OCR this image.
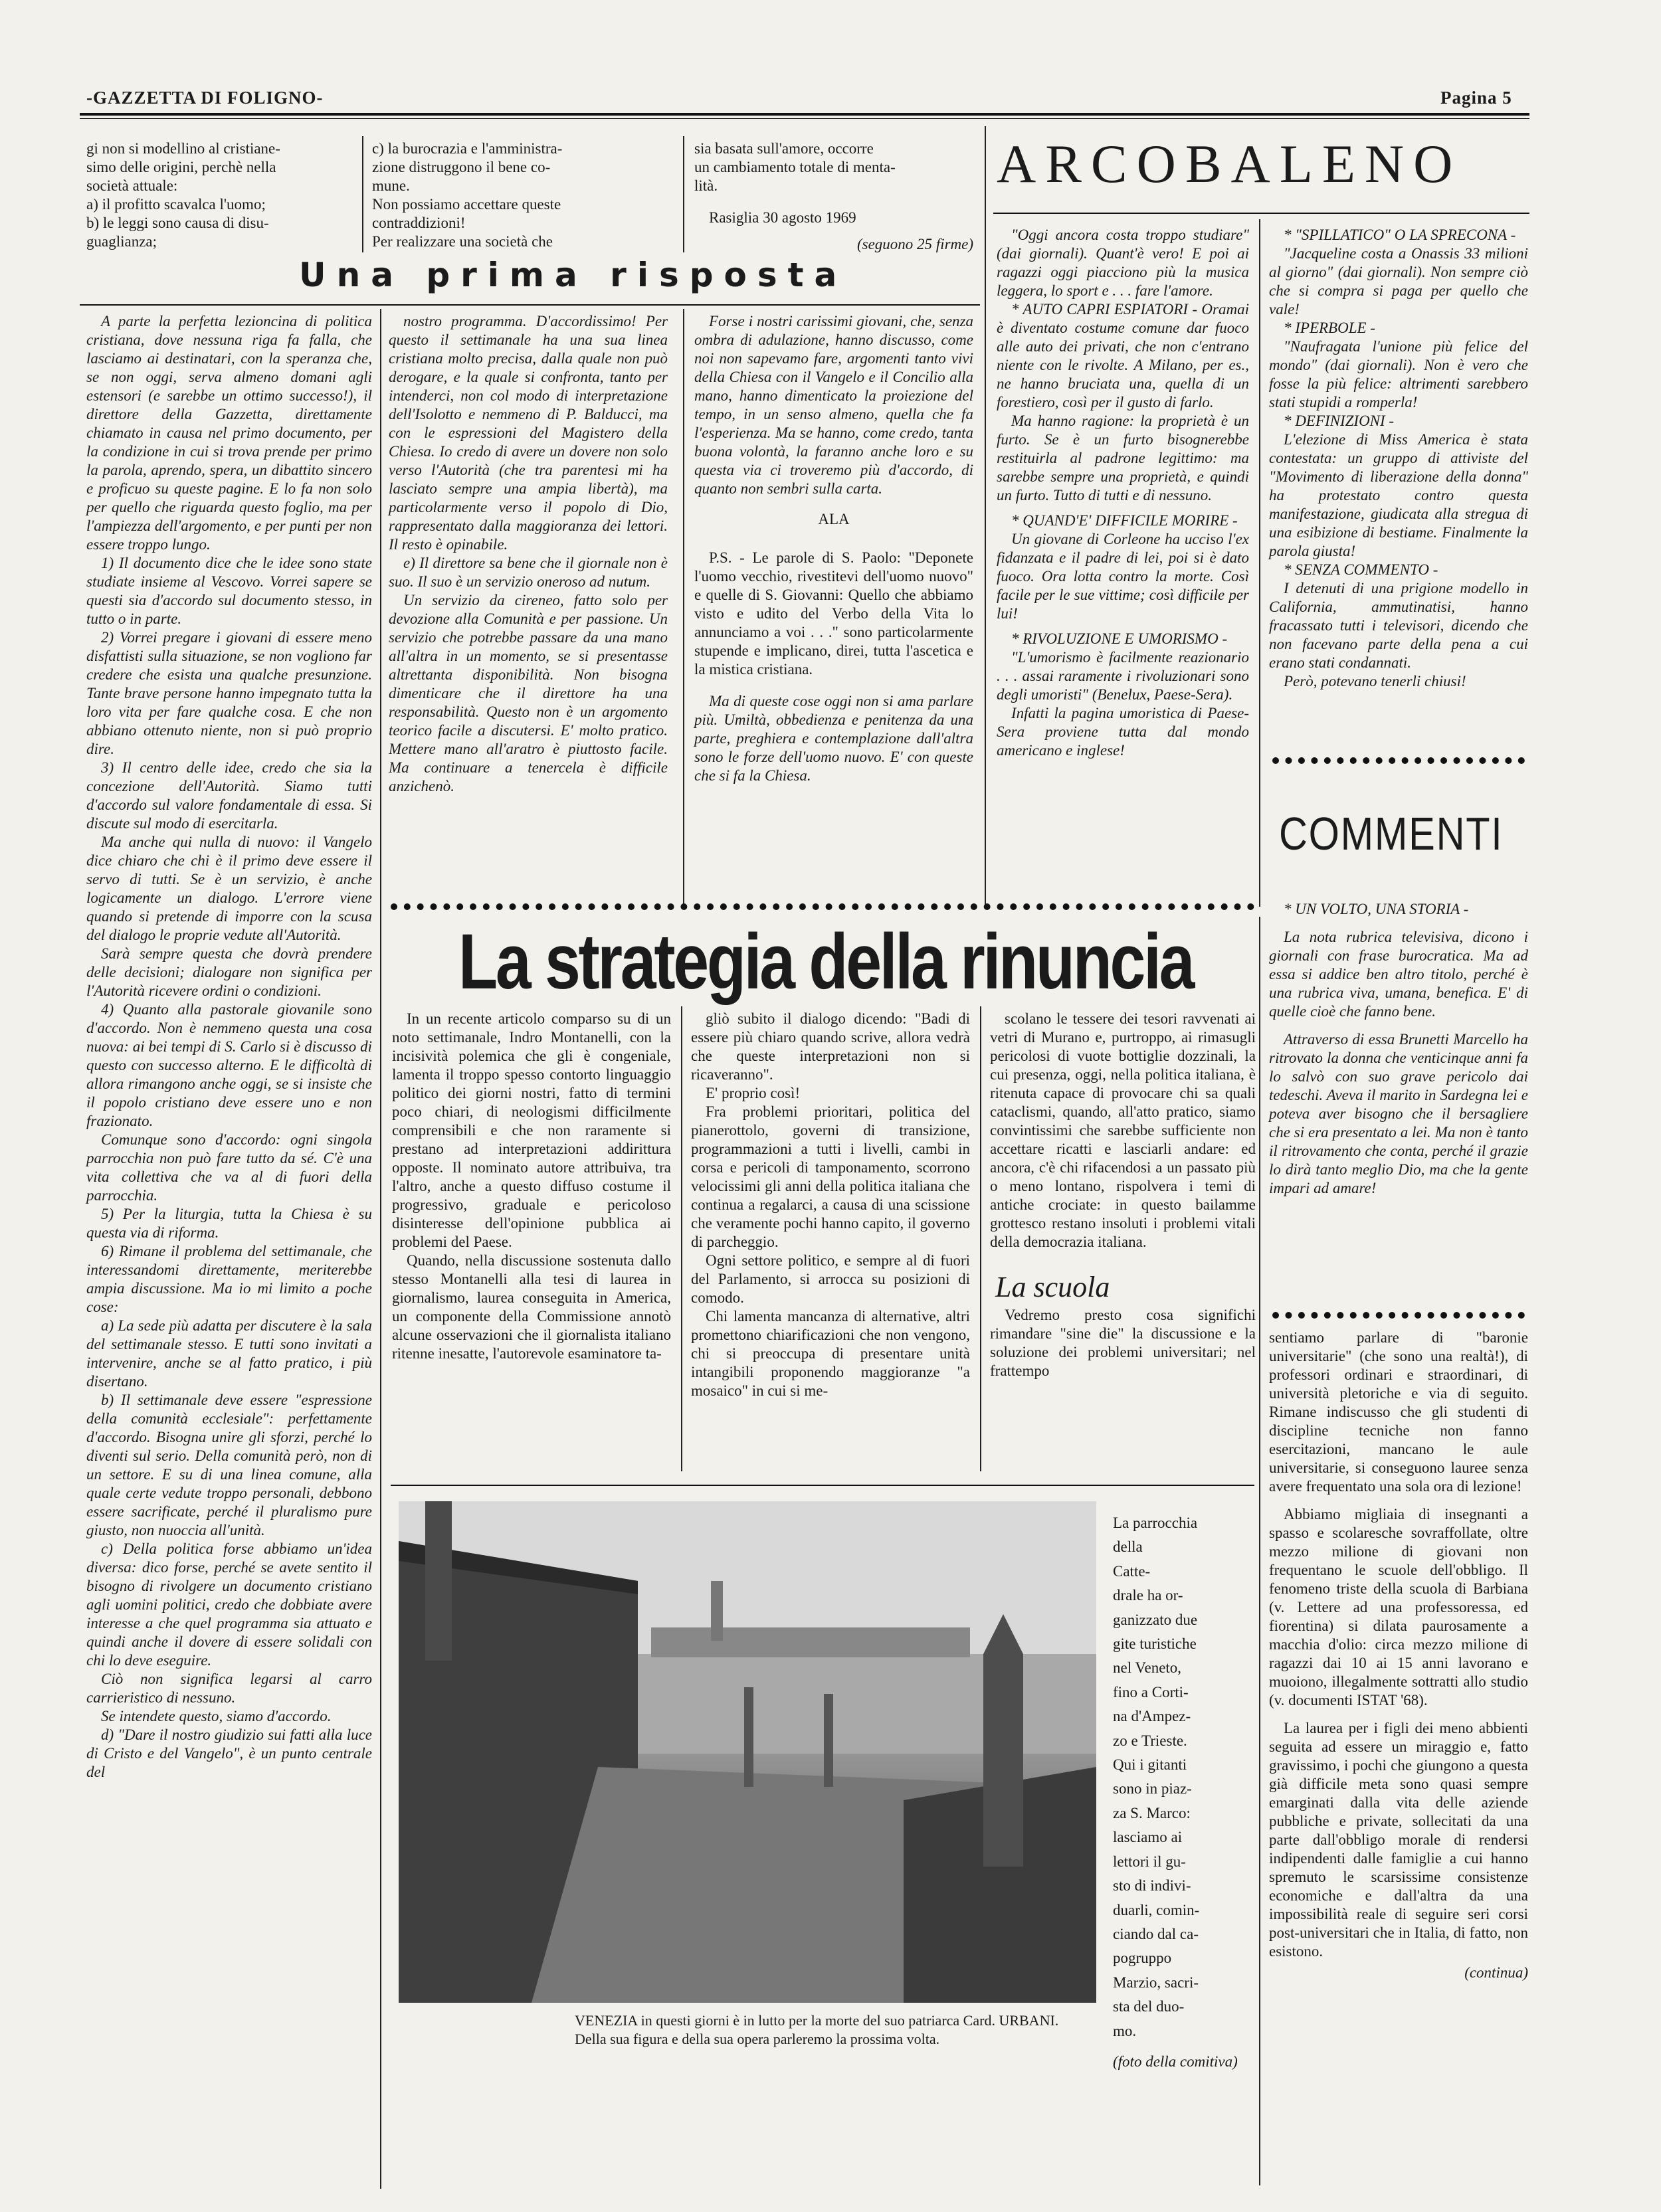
-GAZZETTA DI FOLIGNO-	Pagina 5
gi non si modellino al cristiane-
simo delle origini, perchè nella
società attuale:
a) il profitto scavalca l'uomo;
b) le leggi sono causa di disu-
guaglianza;
c) la burocrazia e l'amministra-
zione distruggono il bene co-
mune.
Non possiamo accettare queste
contraddizioni!
Per realizzare una società che
sia basata sull'amore, occorre
un cambiamento totale di menta-
lità.
Rasiglia 30 agosto 1969
(seguono 25 firme)
Una prima risposta

A parte la perfetta lezioncina di politica cristiana, dove nessuna riga fa falla, che lasciamo ai destinatari, con la speranza che, se non oggi, serva almeno domani agli estensori (e sarebbe un ottimo successo!), il direttore della Gazzetta, direttamente chiamato in causa nel primo documento, per la condizione in cui si trova prende per primo la parola, aprendo, spera, un dibattito sincero e proficuo su queste pagine. E lo fa non solo per quello che riguarda questo foglio, ma per l'ampiezza dell'argomento, e per punti per non essere troppo lungo.

1) Il documento dice che le idee sono state studiate insieme al Vescovo. Vorrei sapere se questi sia d'accordo sul documento stesso, in tutto o in parte.

2) Vorrei pregare i giovani di essere meno disfattisti sulla situazione, se non vogliono far credere che esista una qualche presunzione. Tante brave persone hanno impegnato tutta la loro vita per fare qualche cosa. E che non abbiano ottenuto niente, non si può proprio dire.

3) Il centro delle idee, credo che sia la concezione dell'Autorità. Siamo tutti d'accordo sul valore fondamentale di essa. Si discute sul modo di esercitarla.

Ma anche qui nulla di nuovo: il Vangelo dice chiaro che chi è il primo deve essere il servo di tutti. Se è un servizio, è anche logicamente un dialogo. L'errore viene quando si pretende di imporre con la scusa del dialogo le proprie vedute all'Autorità.

Sarà sempre questa che dovrà prendere delle decisioni; dialogare non significa per l'Autorità ricevere ordini o condizioni.

4) Quanto alla pastorale giovanile sono d'accordo. Non è nemmeno questa una cosa nuova: ai bei tempi di S. Carlo si è discusso di questo con successo alterno. E le difficoltà di allora rimangono anche oggi, se si insiste che il popolo cristiano deve essere uno e non frazionato.

Comunque sono d'accordo: ogni singola parrocchia non può fare tutto da sé. C'è una vita collettiva che va al di fuori della parrocchia.

5) Per la liturgia, tutta la Chiesa è su questa via di riforma.

6) Rimane il problema del settimanale, che interessandomi direttamente, meriterebbe ampia discussione. Ma io mi limito a poche cose:

a) La sede più adatta per discutere è la sala del settimanale stesso. E tutti sono invitati a intervenire, anche se al fatto pratico, i più disertano.

b) Il settimanale deve essere "espressione della comunità ecclesiale": perfettamente d'accordo. Bisogna unire gli sforzi, perché lo diventi sul serio. Della comunità però, non di un settore. E su di una linea comune, alla quale certe vedute troppo personali, debbono essere sacrificate, perché il pluralismo pure giusto, non nuoccia all'unità.

c) Della politica forse abbiamo un'idea diversa: dico forse, perché se avete sentito il bisogno di rivolgere un documento cristiano agli uomini politici, credo che dobbiate avere interesse a che quel programma sia attuato e quindi anche il dovere di essere solidali con chi lo deve eseguire.

Ciò non significa legarsi al carro carrieristico di nessuno.

Se intendete questo, siamo d'accordo.

d) "Dare il nostro giudizio sui fatti alla luce di Cristo e del Vangelo", è un punto centrale del

nostro programma. D'accordissimo! Per questo il settimanale ha una sua linea cristiana molto precisa, dalla quale non può derogare, e la quale si confronta, tanto per intenderci, non col modo di interpretazione dell'Isolotto e nemmeno di P. Balducci, ma con le espressioni del Magistero della Chiesa. Io credo di avere un dovere non solo verso l'Autorità (che tra parentesi mi ha lasciato sempre una ampia libertà), ma particolarmente verso il popolo di Dio, rappresentato dalla maggioranza dei lettori. Il resto è opinabile.

e) Il direttore sa bene che il giornale non è suo. Il suo è un servizio oneroso ad nutum.

Un servizio da cireneo, fatto solo per devozione alla Comunità e per passione. Un servizio che potrebbe passare da una mano all'altra in un momento, se si presentasse altrettanta disponibilità. Non bisogna dimenticare che il direttore ha una responsabilità. Questo non è un argomento teorico facile a discutersi. E' molto pratico. Mettere mano all'aratro è piuttosto facile. Ma continuare a tenercela è difficile anzichenò.

Forse i nostri carissimi giovani, che, senza ombra di adulazione, hanno discusso, come noi non sapevamo fare, argomenti tanto vivi della Chiesa con il Vangelo e il Concilio alla mano, hanno dimenticato la proiezione del tempo, in un senso almeno, quella che fa l'esperienza. Ma se hanno, come credo, tanta buona volontà, la faranno anche loro e su questa via ci troveremo più d'accordo, di quanto non sembri sulla carta.

ALA

P.S. - Le parole di S. Paolo: "Deponete l'uomo vecchio, rivestitevi dell'uomo nuovo" e quelle di S. Giovanni: Quello che abbiamo visto e udito del Verbo della Vita lo annunciamo a voi . . ." sono particolarmente stupende e implicano, direi, tutta l'ascetica e la mistica cristiana.

Ma di queste cose oggi non si ama parlare più. Umiltà, obbedienza e penitenza da una parte, preghiera e contemplazione dall'altra sono le forze dell'uomo nuovo. E' con queste che si fa la Chiesa.

ARCOBALENO

"Oggi ancora costa troppo studiare" (dai giornali). Quant'è vero! E poi ai ragazzi oggi piacciono più la musica leggera, lo sport e . . . fare l'amore.

* AUTO CAPRI ESPIATORI - Oramai è diventato costume comune dar fuoco alle auto dei privati, che non c'entrano niente con le rivolte. A Milano, per es., ne hanno bruciata una, quella di un forestiero, così per il gusto di farlo.

Ma hanno ragione: la proprietà è un furto. Se è un furto bisognerebbe restituirla al padrone legittimo: ma sarebbe sempre una proprietà, e quindi un furto. Tutto di tutti e di nessuno.

* QUAND'E' DIFFICILE MORIRE -

Un giovane di Corleone ha ucciso l'ex fidanzata e il padre di lei, poi si è dato fuoco. Ora lotta contro la morte. Così facile per le sue vittime; così difficile per lui!

* RIVOLUZIONE E UMORISMO -

"L'umorismo è facilmente reazionario . . . assai raramente i rivoluzionari sono degli umoristi" (Benelux, Paese-Sera).

Infatti la pagina umoristica di Paese-Sera proviene tutta dal mondo americano e inglese!

* "SPILLATICO" O LA SPRECONA -

"Jacqueline costa a Onassis 33 milioni al giorno" (dai giornali). Non sempre ciò che si compra si paga per quello che vale!

* IPERBOLE -

"Naufragata l'unione più felice del mondo" (dai giornali). Non è vero che fosse la più felice: altrimenti sarebbero stati stupidi a romperla!

* DEFINIZIONI -

L'elezione di Miss America è stata contestata: un gruppo di attiviste del "Movimento di liberazione della donna" ha protestato contro questa manifestazione, giudicata alla stregua di una esibizione di bestiame. Finalmente la parola giusta!

* SENZA COMMENTO -

I detenuti di una prigione modello in California, ammutinatisi, hanno fracassato tutti i televisori, dicendo che non facevano parte della pena a cui erano stati condannati.

Però, potevano tenerli chiusi!

COMMENTI

* UN VOLTO, UNA STORIA -

La nota rubrica televisiva, dicono i giornali con frase burocratica. Ma ad essa si addice ben altro titolo, perché è una rubrica viva, umana, benefica. E' di quelle cioè che fanno bene.

Attraverso di essa Brunetti Marcello ha ritrovato la donna che venticinque anni fa lo salvò con suo grave pericolo dai tedeschi. Aveva il marito in Sardegna lei e poteva aver bisogno che il bersagliere che si era presentato a lei. Ma non è tanto il ritrovamento che conta, perché il grazie lo dirà tanto meglio Dio, ma che la gente impari ad amare!

La strategia della rinuncia

In un recente articolo comparso su di un noto settimanale, Indro Montanelli, con la incisività polemica che gli è congeniale, lamenta il troppo spesso contorto linguaggio politico dei giorni nostri, fatto di termini poco chiari, di neologismi difficilmente comprensibili e che non raramente si prestano ad interpretazioni addirittura opposte. Il nominato autore attribuiva, tra l'altro, anche a questo diffuso costume il progressivo, graduale e pericoloso disinteresse dell'opinione pubblica ai problemi del Paese.

Quando, nella discussione sostenuta dallo stesso Montanelli alla tesi di laurea in giornalismo, laurea conseguita in America, un componente della Commissione annotò alcune osservazioni che il giornalista italiano ritenne inesatte, l'autorevole esaminatore ta-

gliò subito il dialogo dicendo: "Badi di essere più chiaro quando scrive, allora vedrà che queste interpretazioni non si ricaveranno".

E' proprio così!

Fra problemi prioritari, politica del pianerottolo, governi di transizione, programmazioni a tutti i livelli, cambi in corsa e pericoli di tamponamento, scorrono velocissimi gli anni della politica italiana che continua a regalarci, a causa di una scissione che veramente pochi hanno capito, il governo di parcheggio.

Ogni settore politico, e sempre al di fuori del Parlamento, si arrocca su posizioni di comodo.

Chi lamenta mancanza di alternative, altri promettono chiarificazioni che non vengono, chi si preoccupa di presentare unità intangibili proponendo maggioranze "a mosaico" in cui si me-

scolano le tessere dei tesori ravvenati ai vetri di Murano e, purtroppo, ai rimasugli pericolosi di vuote bottiglie dozzinali, la cui presenza, oggi, nella politica italiana, è ritenuta capace di provocare chi sa quali cataclismi, quando, all'atto pratico, siamo convintissimi che sarebbe sufficiente non accettare ricatti e lasciarli andare: ed ancora, c'è chi rifacendosi a un passato più o meno lontano, rispolvera i temi di antiche crociate: in questo bailamme grottesco restano insoluti i problemi vitali della democrazia italiana.

La scuola

Vedremo presto cosa significhi rimandare "sine die" la discussione e la soluzione dei problemi universitari; nel frattempo

sentiamo parlare di "baronie universitarie" (che sono una realtà!), di professori ordinari e straordinari, di università pletoriche e via di seguito. Rimane indiscusso che gli studenti di discipline tecniche non fanno esercitazioni, mancano le aule universitarie, si conseguono lauree senza avere frequentato una sola ora di lezione!

Abbiamo migliaia di insegnanti a spasso e scolaresche sovraffollate, oltre mezzo milione di giovani non frequentano le scuole dell'obbligo. Il fenomeno triste della scuola di Barbiana (v. Lettere ad una professoressa, ed fiorentina) si dilata paurosamente a macchia d'olio: circa mezzo milione di ragazzi dai 10 ai 15 anni lavorano e muoiono, illegalmente sottratti allo studio (v. documenti ISTAT '68).

La laurea per i figli dei meno abbienti seguita ad essere un miraggio e, fatto gravissimo, i pochi che giungono a questa già difficile meta sono quasi sempre emarginati dalla vita delle aziende pubbliche e private, sollecitati da una parte dall'obbligo morale di rendersi indipendenti dalle famiglie a cui hanno spremuto le scarsissime consistenze economiche e dall'altra da una impossibilità reale di seguire seri corsi post-universitari che in Italia, di fatto, non esistono.

(continua)
La parrocchia
della
Catte-
drale ha or-
ganizzato due
gite turistiche
nel Veneto,
fino a Corti-
na d'Ampez-
zo e Trieste.
Qui i gitanti
sono in piaz-
za S. Marco:
lasciamo ai
lettori il gu-
sto di indivi-
duarli, comin-
ciando dal ca-
pogruppo
Marzio, sacri-
sta del duo-
mo.
(foto della comitiva)
VENEZIA in questi giorni è in lutto per la morte del suo patriarca Card. URBANI.
Della sua figura e della sua opera parleremo la prossima volta.
